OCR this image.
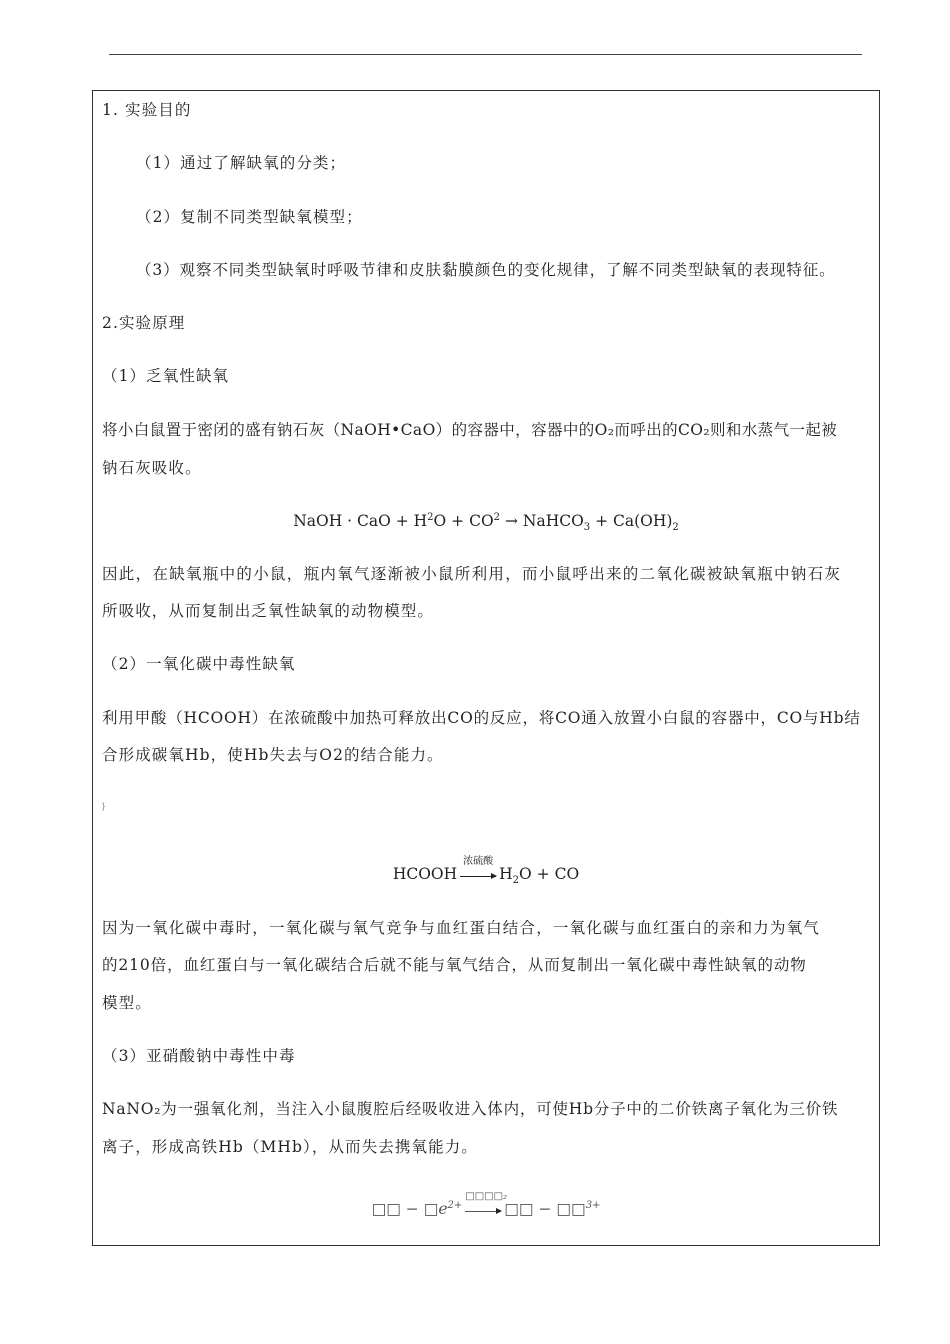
1. 实验目的
（1）通过了解缺氧的分类；
（2）复制不同类型缺氧模型；
（3）观察不同类型缺氧时呼吸节律和皮肤黏膜颜色的变化规律，了解不同类型缺氧的表现特征。
2.实验原理
（1）乏氧性缺氧
将小白鼠置于密闭的盛有钠石灰（NaOH•CaO）的容器中，容器中的O₂而呼出的CO₂则和水蒸气一起被
钠石灰吸收。
NaOH · CaO + $H^2O + CO^2$ → NaHCO$_3$ + $Ca(OH)_2$
因此，在缺氧瓶中的小鼠，瓶内氧气逐渐被小鼠所利用，而小鼠呼出来的二氧化碳被缺氧瓶中钠石灰
所吸收，从而复制出乏氧性缺氧的动物模型。
（2）一氧化碳中毒性缺氧
利用甲酸（HCOOH）在浓硫酸中加热可释放出CO的反应，将CO通入放置小白鼠的容器中，CO与Hb结
合形成碳氧Hb，使Hb失去与O2的结合能力。
}
HCOOH
浓硫酸
$H_2O$ + CO
因为一氧化碳中毒时，一氧化碳与氧气竞争与血红蛋白结合，一氧化碳与血红蛋白的亲和力为氧气
的210倍，血红蛋白与一氧化碳结合后就不能与氧气结合，从而复制出一氧化碳中毒性缺氧的动物
模型。
（3）亚硝酸钠中毒性中毒
NaNO₂为一强氧化剂，当注入小鼠腹腔后经吸收进入体内，可使Hb分子中的二价铁离子氧化为三价铁
离子，形成高铁Hb（MHb），从而失去携氧能力。
□□ − $□e^{2+}$
□□□□₂
□□ − □□$^{3+}$
